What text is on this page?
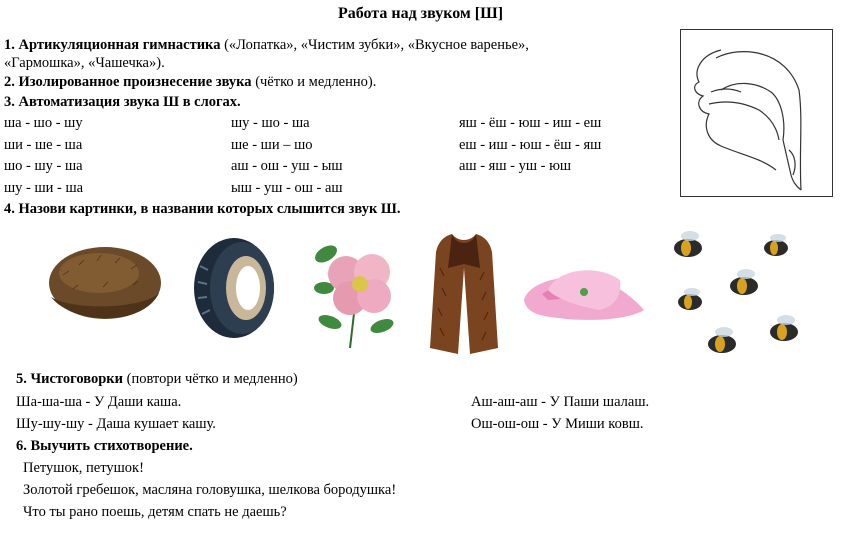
Работа над звуком [Ш]
1. Артикуляционная гимнастика («Лопатка», «Чистим зубки», «Вкусное варенье»,
«Гармошка», «Чашечка»).
2. Изолированное произнесение звука (чётко и медленно).
3. Автоматизация звука Ш в слогах.
ша - шо - шу
ши - ше - ша
шо - шу - ша
шу - ши - ша
шу - шо - ша
ше - ши – шо
аш - ош - уш - ыш
ыш - уш - ош - аш
яш - ёш - юш - иш - еш
еш - иш - юш - ёш - яш
аш - яш - уш - юш
4. Назови картинки, в названии которых слышится звук Ш.
5. Чистоговорки (повтори чётко и медленно)
Ша-ша-ша - У Даши каша.
Шу-шу-шу - Даша кушает кашу.
Аш-аш-аш - У Паши шалаш.
Ош-ош-ош - У Миши ковш.
6. Выучить стихотворение.
Петушок, петушок!
Золотой гребешок, масляна головушка, шелкова бородушка!
Что ты рано поешь, детям спать не даешь?
